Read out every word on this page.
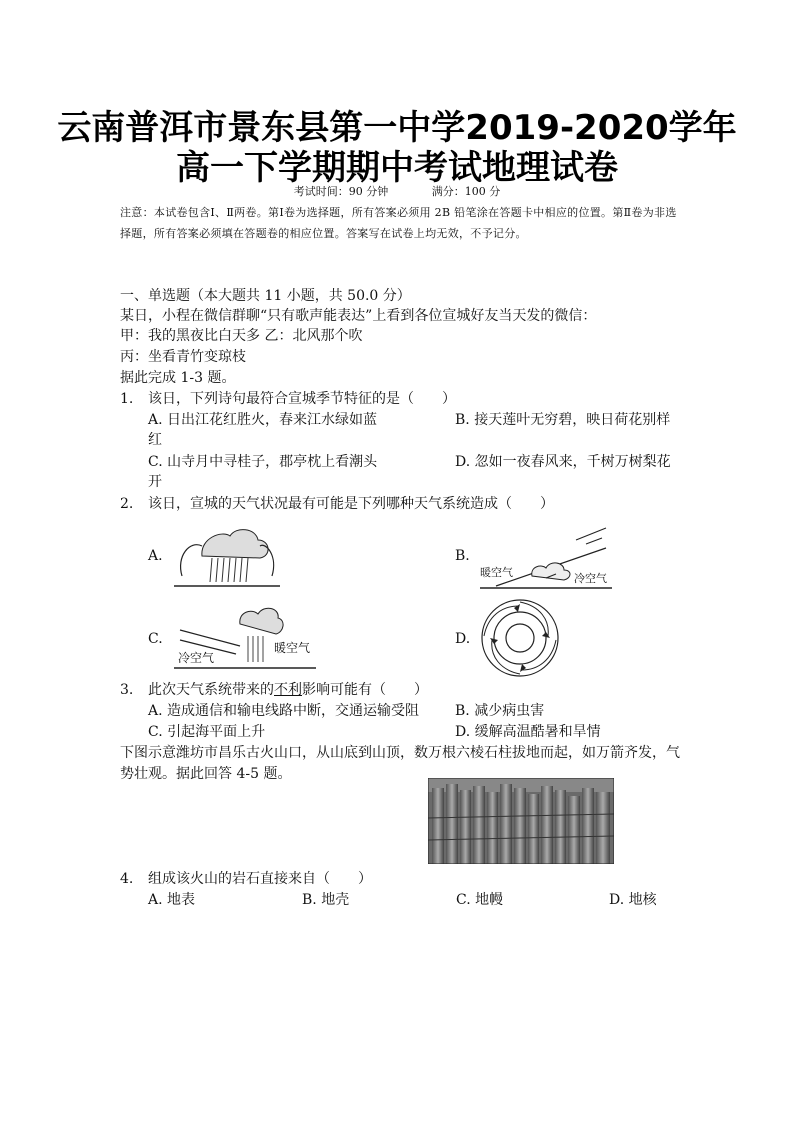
云南普洱市景东县第一中学2019-2020学年
高一下学期期中考试地理试卷
考试时间：90 分钟	满分：100 分
注意：本试卷包含Ⅰ、Ⅱ两卷。第Ⅰ卷为选择题，所有答案必须用 2B 铅笔涂在答题卡中相应的位置。第Ⅱ卷为非选择题，所有答案必须填在答题卷的相应位置。答案写在试卷上均无效，不予记分。
一、单选题（本大题共 11 小题，共 50.0 分）
某日，小程在微信群聊“只有歌声能表达”上看到各位宣城好友当天发的微信：
甲：我的黑夜比白天多 乙：北风那个吹
丙：坐看青竹变琼枝
据此完成 1-3 题。
1. 该日，下列诗句最符合宣城季节特征的是（　　）
A. 日出江花红胜火，春来江水绿如蓝	B. 接天莲叶无穷碧，映日荷花别样
红
C. 山寺月中寻桂子，郡亭枕上看潮头	D. 忽如一夜春风来，千树万树梨花
开
2. 该日，宣城的天气状况最有可能是下列哪种天气系统造成（　　）
A.	B.
暖空气	冷空气
C.
冷空气
暖空气
D.
3. 此次天气系统带来的不利影响可能有（　　）
A. 造成通信和输电线路中断，交通运输受阻	B. 减少病虫害
C. 引起海平面上升	D. 缓解高温酷暑和旱情
下图示意潍坊市昌乐古火山口，从山底到山顶，数万根六棱石柱拔地而起，如万箭齐发，气
势壮观。据此回答 4-5 题。
4. 组成该火山的岩石直接来自（　　）
A. 地表	B. 地壳	C. 地幔	D. 地核
